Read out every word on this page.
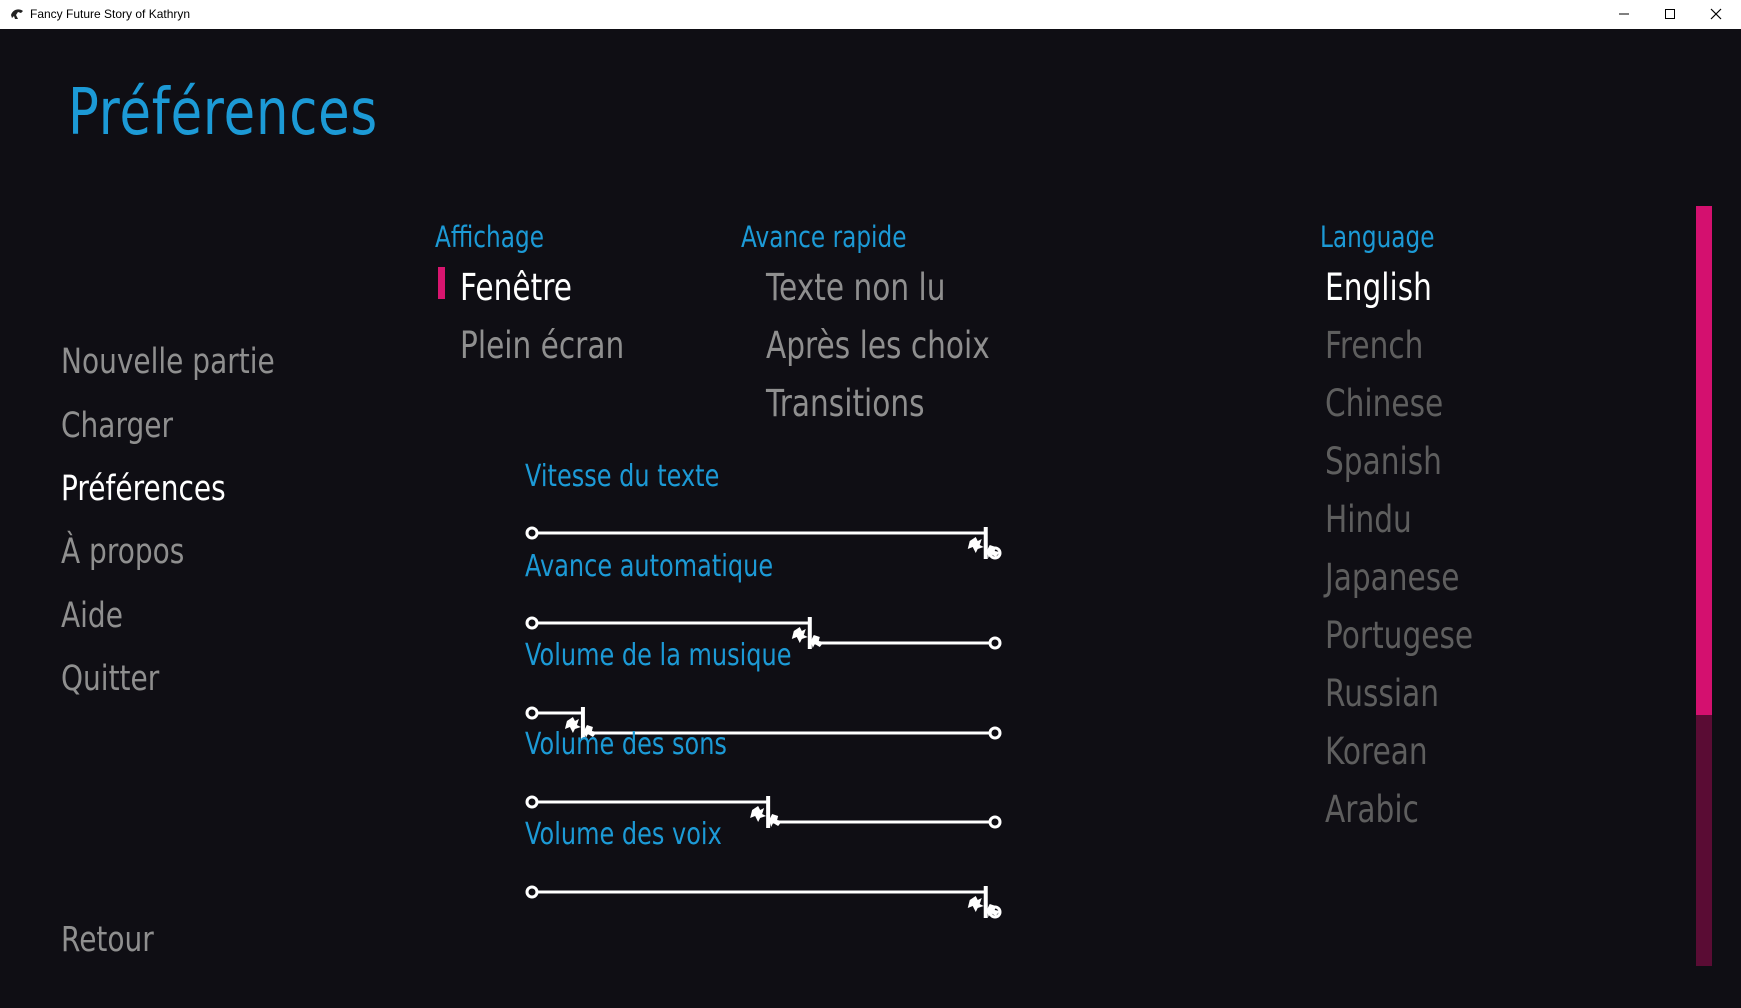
Fancy Future Story of Kathryn
Préférences
Nouvelle partie
Charger
Préférences
À propos
Aide
Quitter
Retour
Affichage
Fenêtre
Plein écran
Avance rapide
Texte non lu
Après les choix
Transitions
Language
English
French
Chinese
Spanish
Hindu
Japanese
Portugese
Russian
Korean
Arabic
Vitesse du texte
Avance automatique
Volume de la musique
Volume des sons
Volume des voix
